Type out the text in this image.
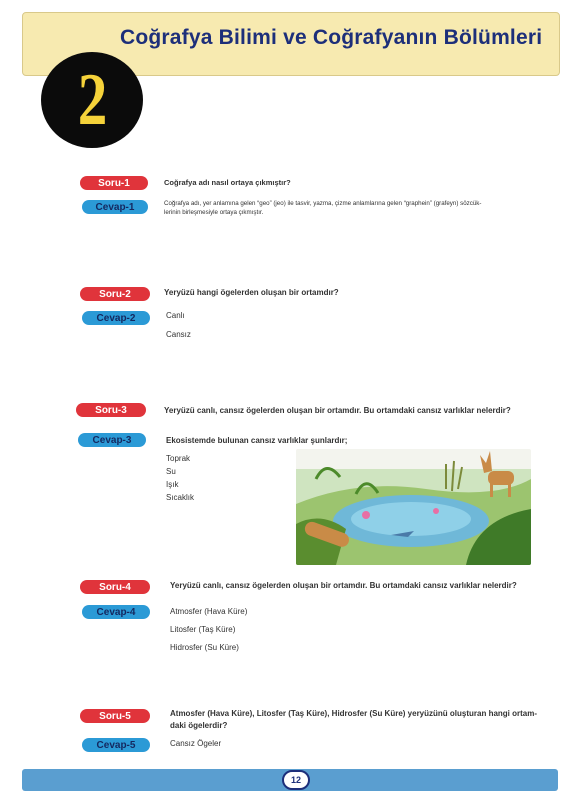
Coğrafya Bilimi ve Coğrafyanın Bölümleri
2
Soru-1	Coğrafya adı nasıl ortaya çıkmıştır?
Cevap-1	Coğrafya adı, yer anlamına gelen “geo” (jeo) ile tasvir, yazma, çizme anlamlarına gelen “graphein” (grafeyn) sözcük-
lerinin birleşmesiyle ortaya çıkmıştır.
Soru-2	Yeryüzü hangi ögelerden oluşan bir ortamdır?
Cevap-2	Canlı
Cansız
Soru-3	Yeryüzü canlı, cansız ögelerden oluşan bir ortamdır. Bu ortamdaki cansız varlıklar nelerdir?
Cevap-3	Ekosistemde bulunan cansız varlıklar şunlardır;
Toprak
Su
Işık
Sıcaklık
Soru-4	Yeryüzü canlı, cansız ögelerden oluşan bir ortamdır. Bu ortamdaki cansız varlıklar nelerdir?
Cevap-4	Atmosfer (Hava Küre)
Litosfer (Taş Küre)
Hidrosfer (Su Küre)
Soru-5	Atmosfer (Hava Küre), Litosfer (Taş Küre), Hidrosfer (Su Küre) yeryüzünü oluşturan hangi ortam-
daki ögelerdir?
Cevap-5	Cansız Ögeler
12
